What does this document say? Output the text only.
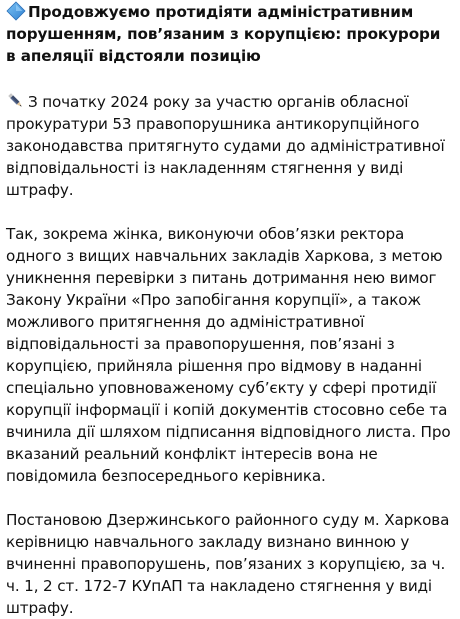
Продовжуємо протидіяти адміністративним порушенням, пов’язаним з корупцією: прокурори в апеляції відстояли позицію

З початку 2024 року за участю органів обласної прокуратури 53 правопорушника антикорупційного законодавства притягнуто судами до адміністративної відповідальності із накладенням стягнення у виді штрафу.

Так, зокрема жінка, виконуючи обов’язки ректора одного з вищих навчальних закладів Харкова, з метою уникнення перевірки з питань дотримання нею вимог Закону України «Про запобігання корупції», а також можливого притягнення до адміністративної відповідальності за правопорушення, пов’язані з корупцією, прийняла рішення про відмову в наданні спеціально уповноваженому суб’єкту у сфері протидії корупції інформації і копій документів стосовно себе та вчинила дії шляхом підписання відповідного листа. Про вказаний реальний конфлікт інтересів вона не повідомила безпосереднього керівника.

Постановою Дзержинського районного суду м. Харкова керівницю навчального закладу визнано винною у вчиненні правопорушень, пов’язаних з корупцією, за ч. ч. 1, 2 ст. 172-7 КУпАП та накладено стягнення у виді штрафу.
